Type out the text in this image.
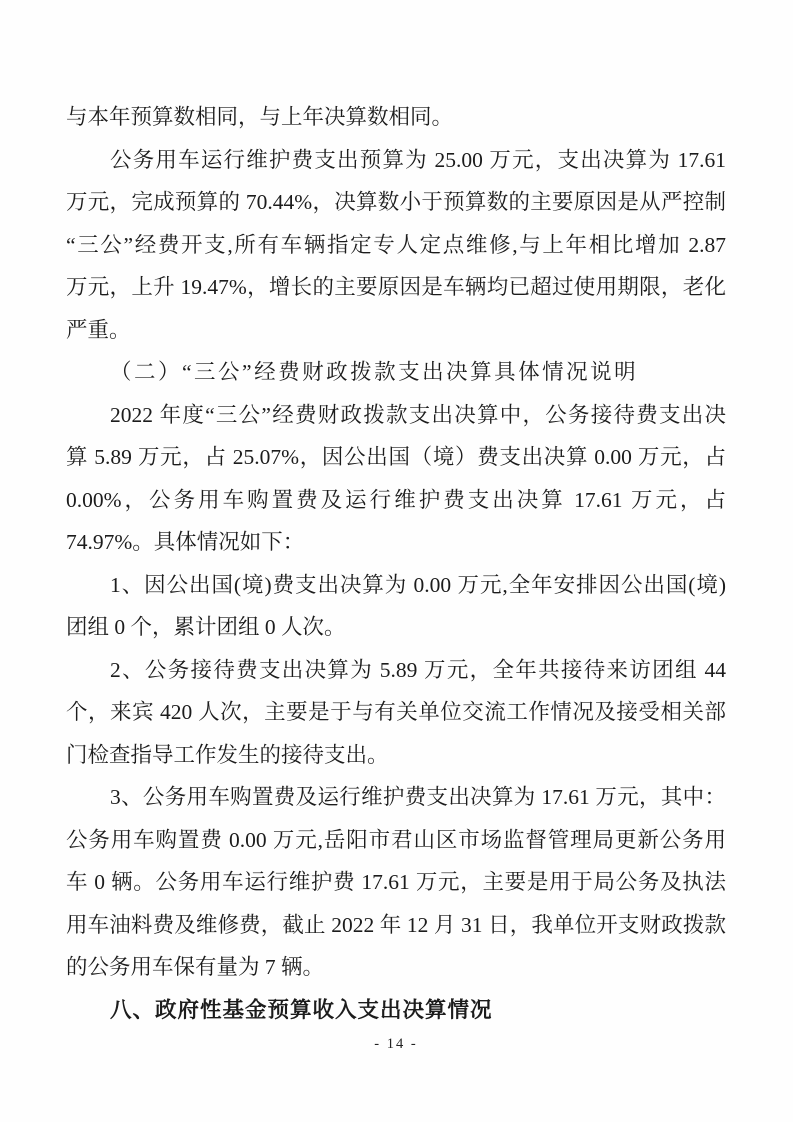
与本年预算数相同，与上年决算数相同。
公务用车运行维护费支出预算为 25.00 万元，支出决算为 17.61
万元，完成预算的 70.44%，决算数小于预算数的主要原因是从严控制
“三公”经费开支,所有车辆指定专人定点维修,与上年相比增加 2.87
万元，上升 19.47%，增长的主要原因是车辆均已超过使用期限，老化
严重。
（二）“三公”经费财政拨款支出决算具体情况说明
2022 年度“三公”经费财政拨款支出决算中，公务接待费支出决
算 5.89 万元，占 25.07%，因公出国（境）费支出决算 0.00 万元，占
0.00%，公务用车购置费及运行维护费支出决算 17.61 万元，占
74.97%。具体情况如下：
1、因公出国(境)费支出决算为 0.00 万元,全年安排因公出国(境)
团组 0 个，累计团组 0 人次。
2、公务接待费支出决算为 5.89 万元，全年共接待来访团组 44
个，来宾 420 人次，主要是于与有关单位交流工作情况及接受相关部
门检查指导工作发生的接待支出。
3、公务用车购置费及运行维护费支出决算为 17.61 万元，其中：
公务用车购置费 0.00 万元,岳阳市君山区市场监督管理局更新公务用
车 0 辆。公务用车运行维护费 17.61 万元，主要是用于局公务及执法
用车油料费及维修费，截止 2022 年 12 月 31 日，我单位开支财政拨款
的公务用车保有量为 7 辆。
八、政府性基金预算收入支出决算情况
- 14 -
